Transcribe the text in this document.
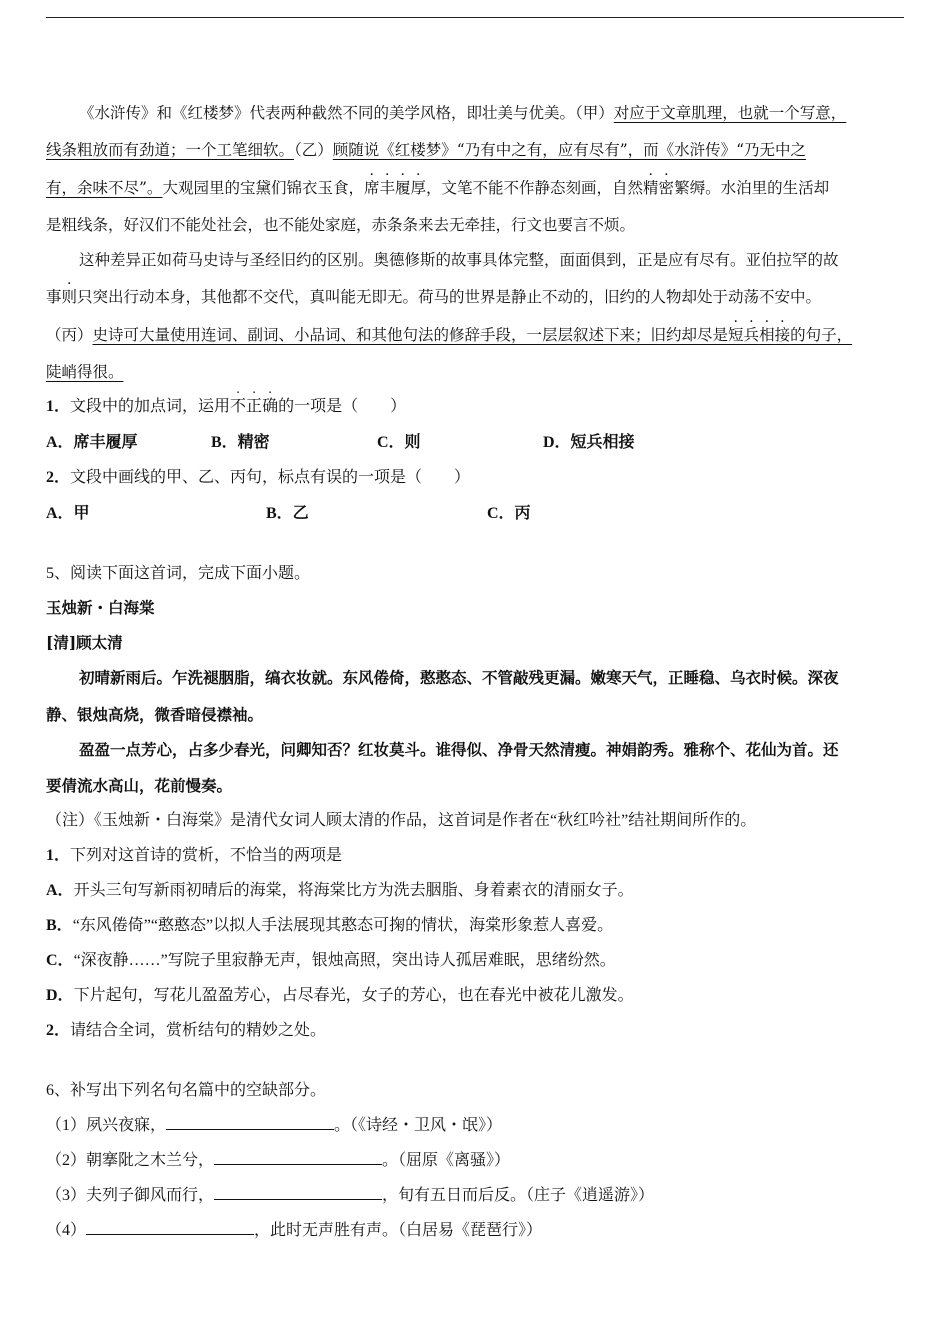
《水浒传》和《红楼梦》代表两种截然不同的美学风格，即壮美与优美。（甲）对应于文章肌理，也就一个写意，
线条粗放而有劲道；一个工笔细软。（乙）顾随说《红楼梦》“乃有中之有，应有尽有”，而《水浒传》“乃无中之
有，余味不尽”。大观园里的宝黛们锦衣玉食，席丰履厚，文笔不能不作静态刻画，自然精密繁缛。水泊里的生活却
是粗线条，好汉们不能处社会，也不能处家庭，赤条条来去无牵挂，行文也要言不烦。
这种差异正如荷马史诗与圣经旧约的区别。奥德修斯的故事具体完整，面面俱到，正是应有尽有。亚伯拉罕的故
事则只突出行动本身，其他都不交代，真叫能无即无。荷马的世界是静止不动的，旧约的人物却处于动荡不安中。
（丙）史诗可大量使用连词、副词、小品词、和其他句法的修辞手段，一层层叙述下来；旧约却尽是短兵相接的句子，
陡峭得很。
1．文段中的加点词，运用不正确的一项是（　　）
A．席丰履厚	B．精密	C．则	D．短兵相接
2．文段中画线的甲、乙、丙句，标点有误的一项是（　　）
A．甲	B．乙	C．丙
5、阅读下面这首词，完成下面小题。
玉烛新・白海棠
[清]顾太清
初晴新雨后。乍洗褪胭脂，缟衣妆就。东风倦倚，憨憨态、不管敲残更漏。嫩寒天气，正睡稳、乌衣时候。深夜
静、银烛高烧，微香暗侵襟袖。
盈盈一点芳心，占多少春光，问卿知否？红妆莫斗。谁得似、净骨天然清瘦。神娟韵秀。雅称个、花仙为首。还
要倩流水高山，花前慢奏。
（注）《玉烛新・白海棠》是清代女词人顾太清的作品，这首词是作者在“秋红吟社”结社期间所作的。
1．下列对这首诗的赏析，不恰当的两项是
A．开头三句写新雨初晴后的海棠，将海棠比方为洗去胭脂、身着素衣的清丽女子。
B．“东风倦倚”“憨憨态”以拟人手法展现其憨态可掬的情状，海棠形象惹人喜爱。
C．“深夜静……”写院子里寂静无声，银烛高照，突出诗人孤居难眠，思绪纷然。
D．下片起句，写花儿盈盈芳心，占尽春光，女子的芳心，也在春光中被花儿激发。
2．请结合全词，赏析结句的精妙之处。
6、补写出下列名句名篇中的空缺部分。
（1）夙兴夜寐，	。（《诗经・卫风・氓》）
（2）朝搴阰之木兰兮，	。（屈原《离骚》）
（3）夫列子御风而行，	，旬有五日而后反。（庄子《逍遥游》）
（4）	，此时无声胜有声。（白居易《琵琶行》）
